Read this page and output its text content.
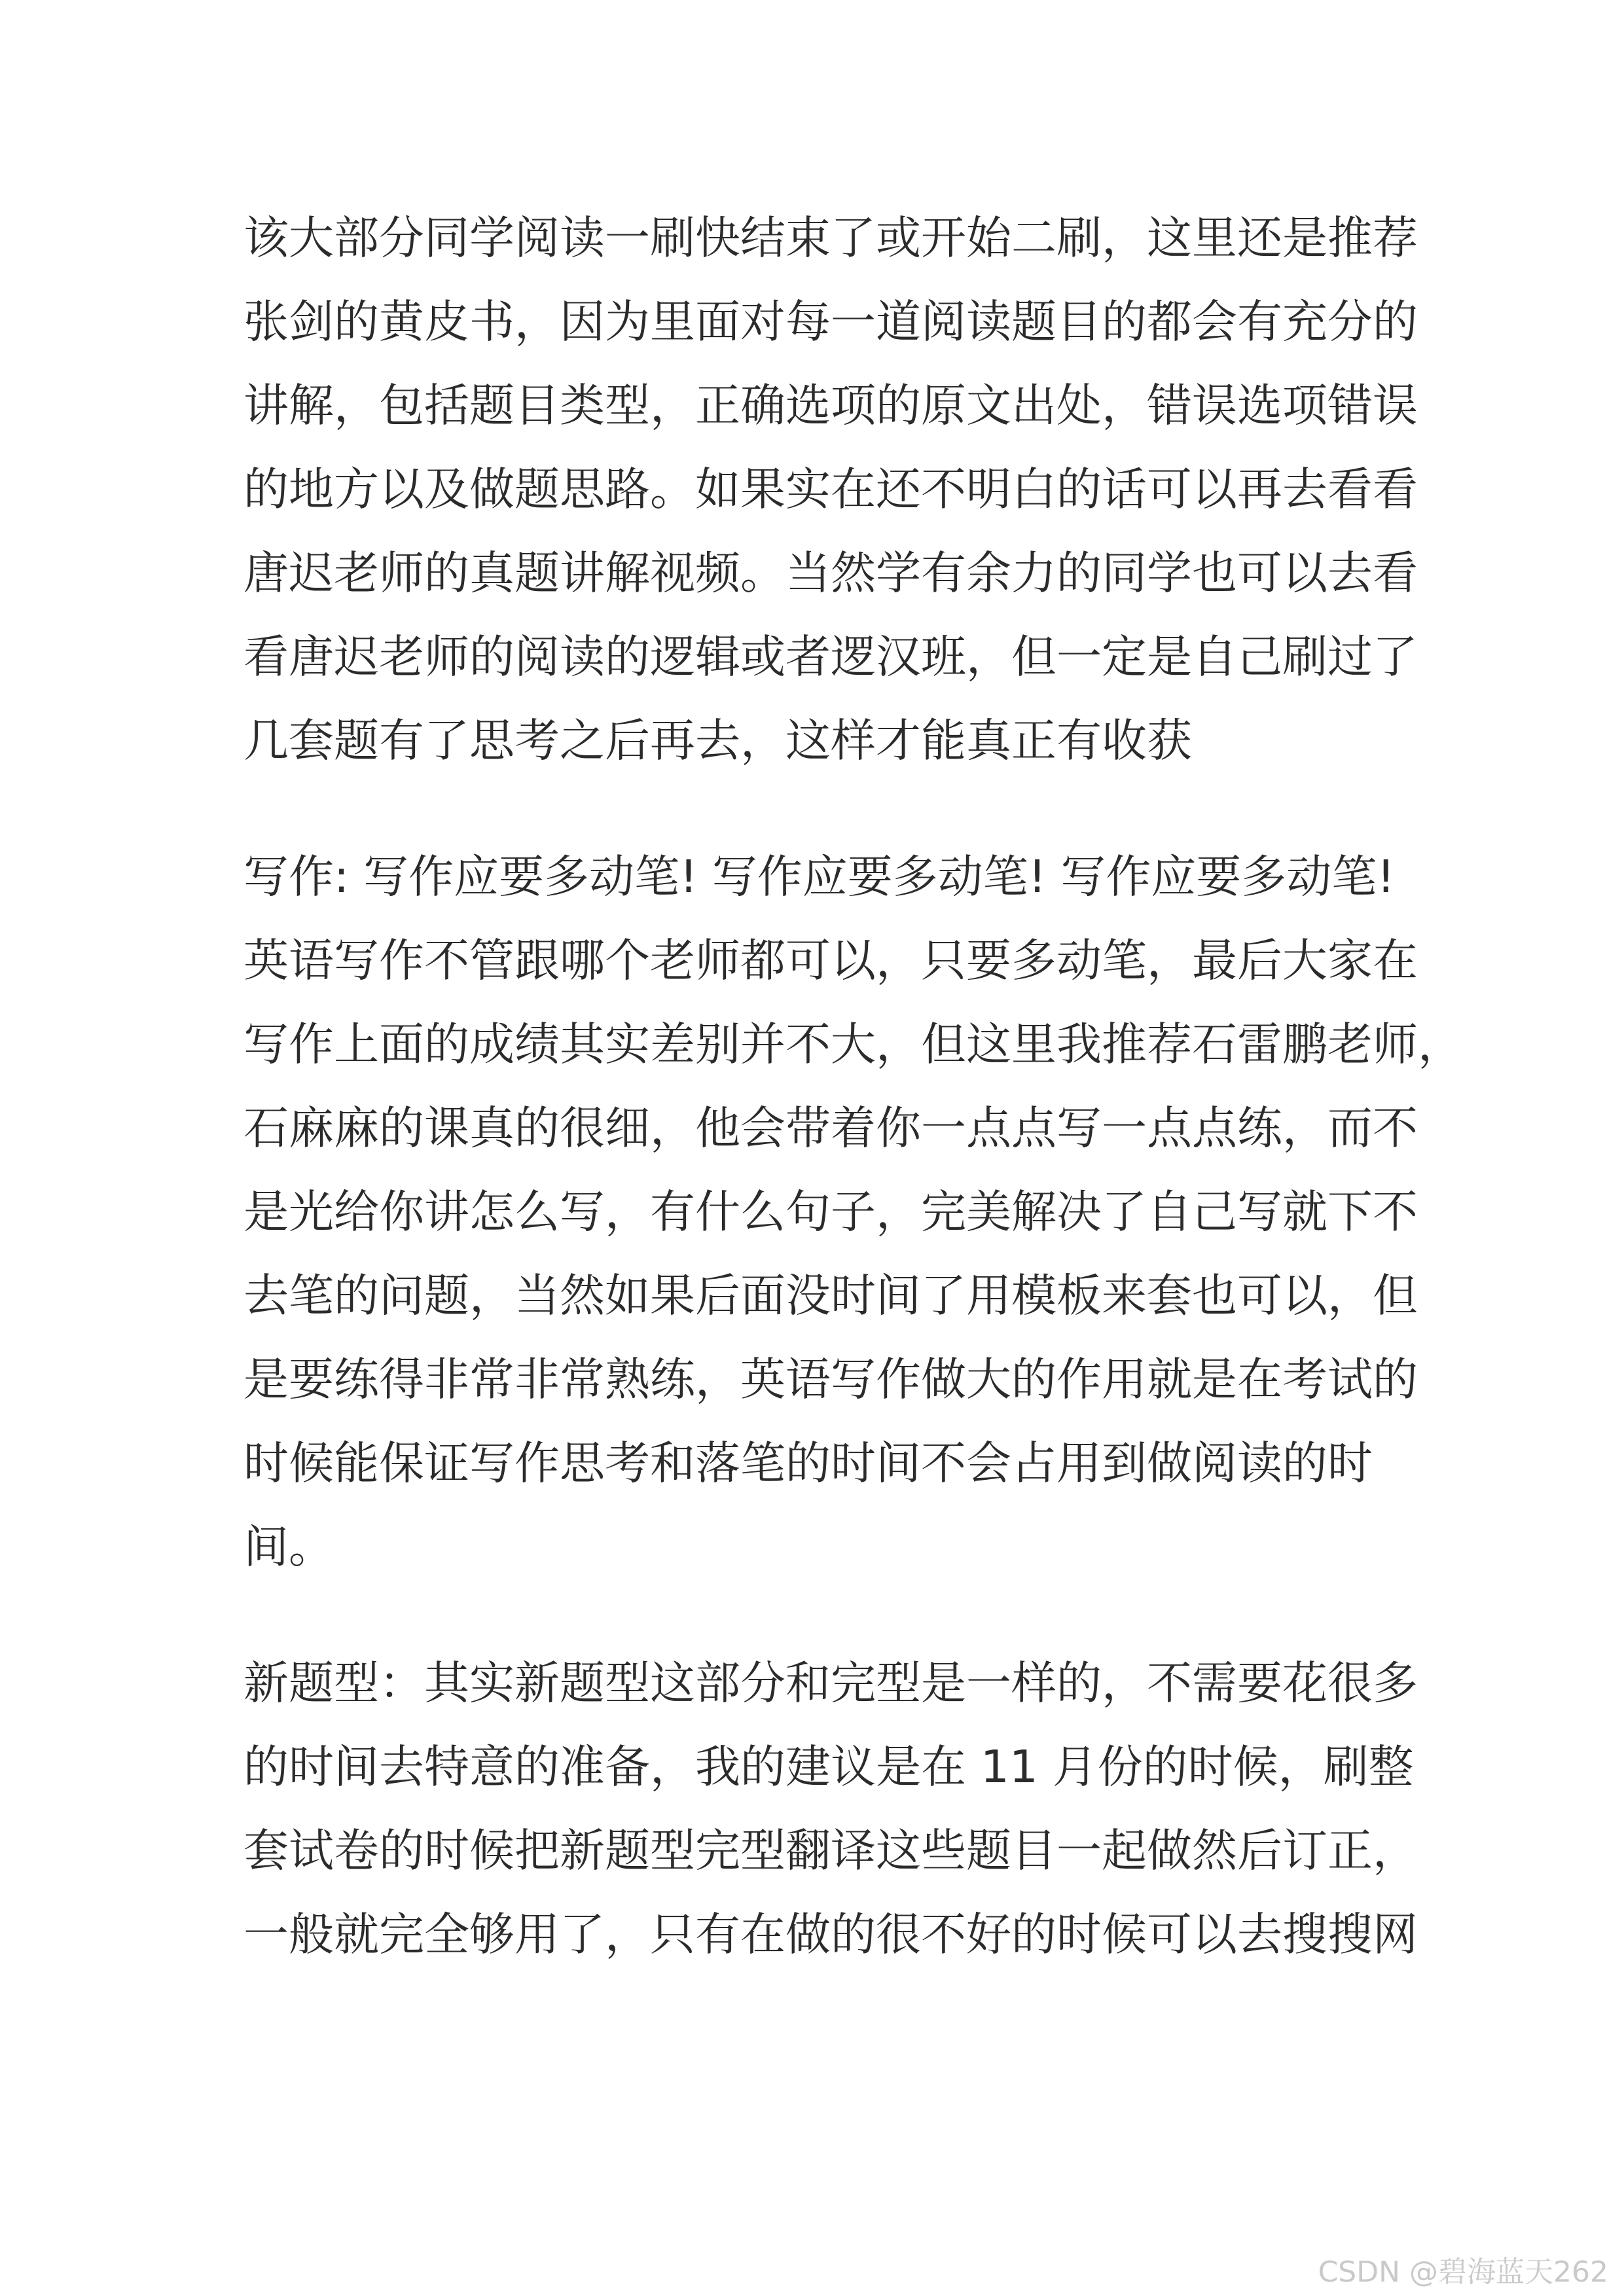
该大部分同学阅读一刷快结束了或开始二刷，这里还是推荐
张剑的黄皮书，因为里面对每一道阅读题目的都会有充分的
讲解，包括题目类型，正确选项的原文出处，错误选项错误
的地方以及做题思路。如果实在还不明白的话可以再去看看
唐迟老师的真题讲解视频。当然学有余力的同学也可以去看
看唐迟老师的阅读的逻辑或者逻汉班，但一定是自己刷过了
几套题有了思考之后再去，这样才能真正有收获
写作: 写作应要多动笔! 写作应要多动笔! 写作应要多动笔!
英语写作不管跟哪个老师都可以，只要多动笔，最后大家在
写作上面的成绩其实差别并不大，但这里我推荐石雷鹏老师，
石麻麻的课真的很细，他会带着你一点点写一点点练，而不
是光给你讲怎么写，有什么句子，完美解决了自己写就下不
去笔的问题，当然如果后面没时间了用模板来套也可以，但
是要练得非常非常熟练，英语写作做大的作用就是在考试的
时候能保证写作思考和落笔的时间不会占用到做阅读的时
间。
新题型：其实新题型这部分和完型是一样的，不需要花很多
的时间去特意的准备，我的建议是在 11 月份的时候，刷整
套试卷的时候把新题型完型翻译这些题目一起做然后订正，
一般就完全够用了，只有在做的很不好的时候可以去搜搜网
CSDN @碧海蓝天262
